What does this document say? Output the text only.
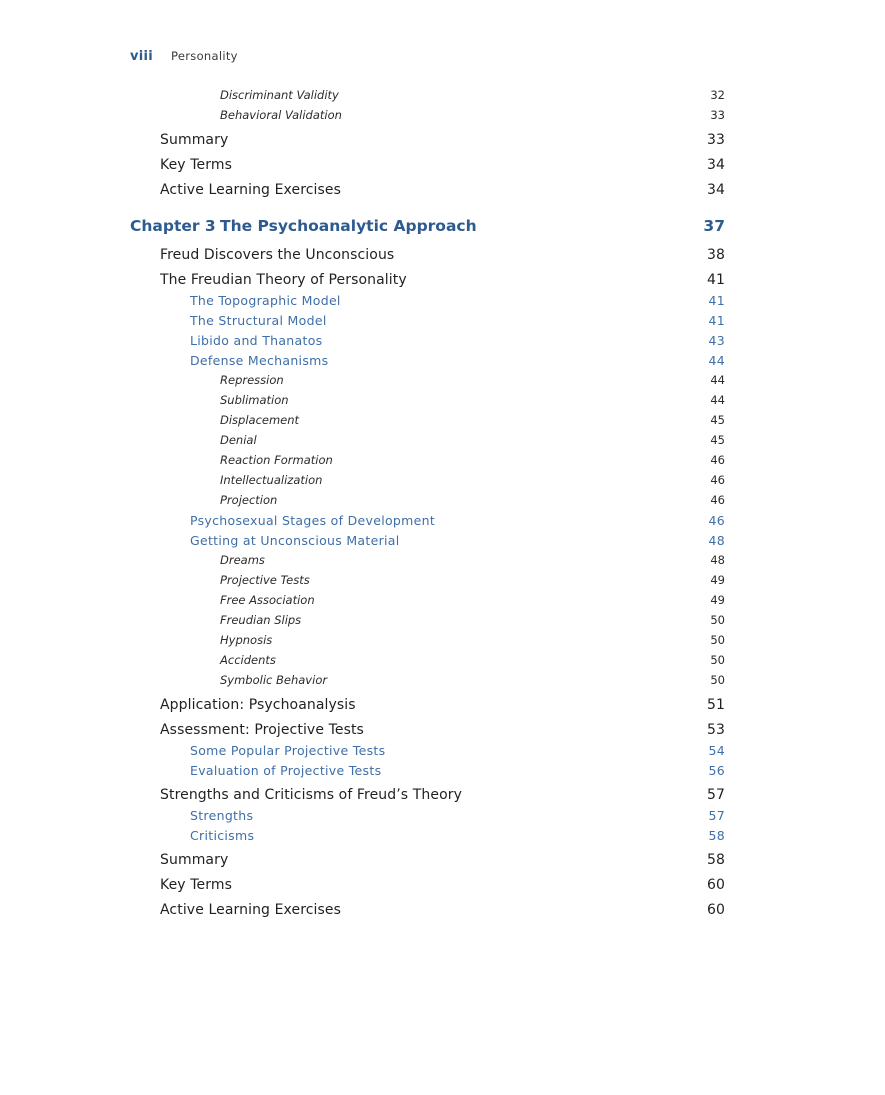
viii Personality
Discriminant Validity	32
Behavioral Validation	33
Summary	33
Key Terms	34
Active Learning Exercises	34
Chapter 3 The Psychoanalytic Approach	37
Freud Discovers the Unconscious	38
The Freudian Theory of Personality	41
The Topographic Model	41
The Structural Model	41
Libido and Thanatos	43
Defense Mechanisms	44
Repression	44
Sublimation	44
Displacement	45
Denial	45
Reaction Formation	46
Intellectualization	46
Projection	46
Psychosexual Stages of Development	46
Getting at Unconscious Material	48
Dreams	48
Projective Tests	49
Free Association	49
Freudian Slips	50
Hypnosis	50
Accidents	50
Symbolic Behavior	50
Application: Psychoanalysis	51
Assessment: Projective Tests	53
Some Popular Projective Tests	54
Evaluation of Projective Tests	56
Strengths and Criticisms of Freud’s Theory	57
Strengths	57
Criticisms	58
Summary	58
Key Terms	60
Active Learning Exercises	60
